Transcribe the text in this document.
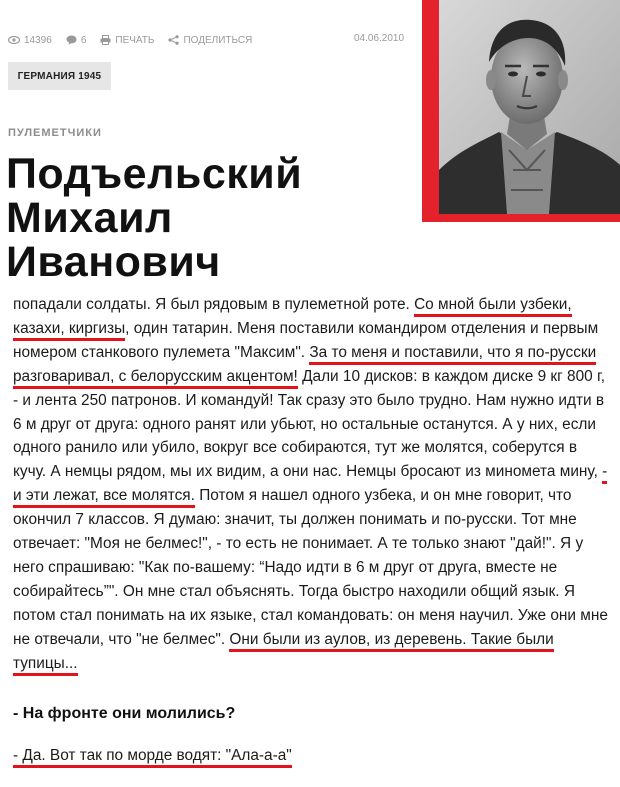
14396	6	ПЕЧАТЬ	ПОДЕЛИТЬСЯ	04.06.2010
ГЕРМАНИЯ 1945
ПУЛЕМЕТЧИКИ
Подъельский
Михаил
Иванович

попадали солдаты. Я был рядовым в пулеметной роте. Со мной были узбеки, казахи, киргизы, один татарин. Меня поставили командиром отделения и первым номером станкового пулемета "Максим". За то меня и поставили, что я по-русски разговаривал, с белорусским акцентом! Дали 10 дисков: в каждом диске 9 кг 800 г, - и лента 250 патронов. И командуй! Так сразу это было трудно. Нам нужно идти в 6 м друг от друга: одного ранят или убьют, но остальные останутся. А у них, если одного ранило или убило, вокруг все собираются, тут же молятся, соберутся в кучу. А немцы рядом, мы их видим, а они нас. Немцы бросают из миномета мину, - и эти лежат, все молятся. Потом я нашел одного узбека, и он мне говорит, что окончил 7 классов. Я думаю: значит, ты должен понимать и по-русски. Тот мне отвечает: "Моя не белмес!", - то есть не понимает. А те только знают "дай!". Я у него спрашиваю: "Как по-вашему: “Надо идти в 6 м друг от друга, вместе не собирайтесь”". Он мне стал объяснять. Тогда быстро находили общий язык. Я потом стал понимать на их языке, стал командовать: он меня научил. Уже они мне не отвечали, что "не белмес". Они были из аулов, из деревень. Такие были тупицы...

- На фронте они молились?
- Да. Вот так по морде водят: "Ала-а-а"
